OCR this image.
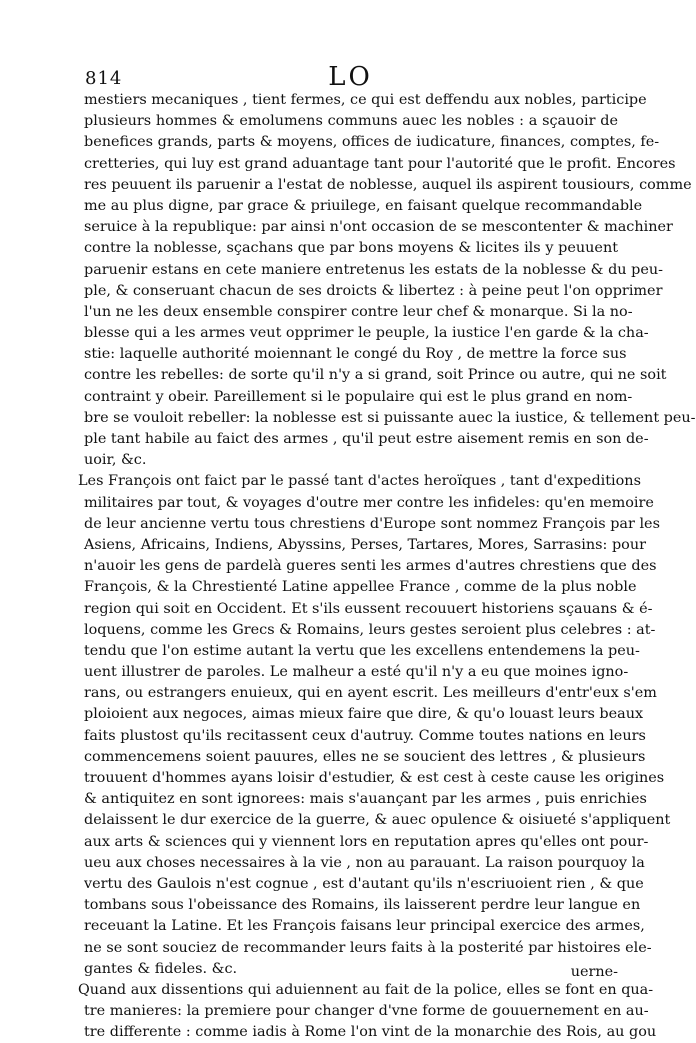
814	LO
mestiers mecaniques , tient fermes, ce qui est deffendu aux nobles, participe
plusieurs hommes & emolumens communs auec les nobles : a sçauoir de
benefices grands, parts & moyens, offices de iudicature, finances, comptes, fe-
cretteries, qui luy est grand aduantage tant pour l'autorité que le profit. Encores
res peuuent ils paruenir a l'estat de noblesse, auquel ils aspirent tousiours, comme
me au plus digne, par grace & priuilege, en faisant quelque recommandable
seruice à la republique: par ainsi n'ont occasion de se mescontenter & machiner
contre la noblesse, sçachans que par bons moyens & licites ils y peuuent
paruenir estans en cete maniere entretenus les estats de la noblesse & du peu-
ple, & conseruant chacun de ses droicts & libertez : à peine peut l'on opprimer
l'un ne les deux ensemble conspirer contre leur chef & monarque. Si la no-
blesse qui a les armes veut opprimer le peuple, la iustice l'en garde & la cha-
stie: laquelle authorité moiennant le congé du Roy , de mettre la force sus
contre les rebelles: de sorte qu'il n'y a si grand, soit Prince ou autre, qui ne soit
contraint y obeir. Pareillement si le populaire qui est le plus grand en nom-
bre se vouloit rebeller: la noblesse est si puissante auec la iustice, & tellement peu-
ple tant habile au faict des armes , qu'il peut estre aisement remis en son de-
uoir, &c.
Les François ont faict par le passé tant d'actes heroïques , tant d'expeditions
militaires par tout, & voyages d'outre mer contre les infideles: qu'en memoire
de leur ancienne vertu tous chrestiens d'Europe sont nommez François par les
Asiens, Africains, Indiens, Abyssins, Perses, Tartares, Mores, Sarrasins: pour
n'auoir les gens de pardelà gueres senti les armes d'autres chrestiens que des
François, & la Chrestienté Latine appellee France , comme de la plus noble
region qui soit en Occident. Et s'ils eussent recouuert historiens sçauans & é-
loquens, comme les Grecs & Romains, leurs gestes seroient plus celebres : at-
tendu que l'on estime autant la vertu que les excellens entendemens la peu-
uent illustrer de paroles. Le malheur a esté qu'il n'y a eu que moines igno-
rans, ou estrangers enuieux, qui en ayent escrit. Les meilleurs d'entr'eux s'em
ploioient aux negoces, aimas mieux faire que dire, & qu'o louast leurs beaux
faits plustost qu'ils recitassent ceux d'autruy. Comme toutes nations en leurs
commencemens soient pauures, elles ne se soucient des lettres , & plusieurs
trouuent d'hommes ayans loisir d'estudier, & est cest à ceste cause les origines
& antiquitez en sont ignorees: mais s'auançant par les armes , puis enrichies
delaissent le dur exercice de la guerre, & auec opulence & oisiueté s'appliquent
aux arts & sciences qui y viennent lors en reputation apres qu'elles ont pour-
ueu aux choses necessaires à la vie , non au parauant. La raison pourquoy la
vertu des Gaulois n'est cognue , est d'autant qu'ils n'escriuoient rien , & que
tombans sous l'obeissance des Romains, ils laisserent perdre leur langue en
receuant la Latine. Et les François faisans leur principal exercice des armes,
ne se sont souciez de recommander leurs faits à la posterité par histoires ele-
gantes & fideles. &c.
Quand aux dissentions qui aduiennent au fait de la police, elles se font en qua-
tre manieres: la premiere pour changer d'vne forme de gouuernement en au-
tre differente : comme iadis à Rome l'on vint de la monarchie des Rois, au gou
uerne-
